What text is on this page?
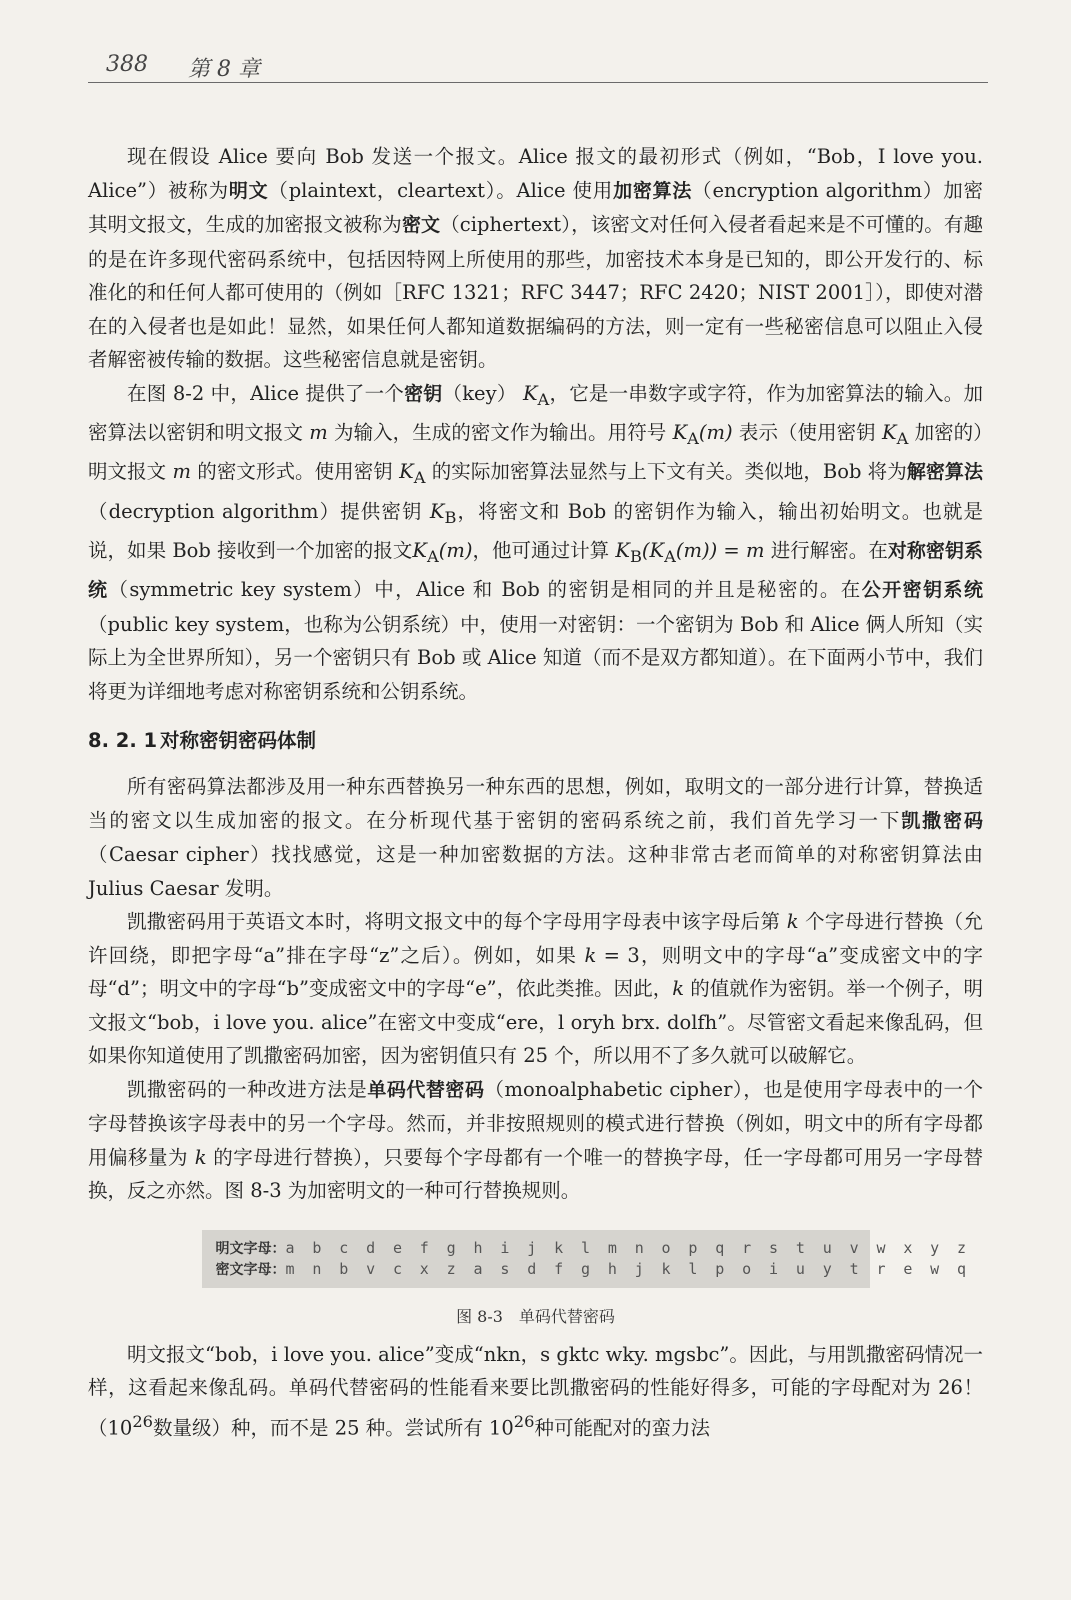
388 第 8 章

现在假设 Alice 要向 Bob 发送一个报文。Alice 报文的最初形式（例如，“Bob，I love you. Alice”）被称为明文（plaintext，cleartext）。Alice 使用加密算法（encryption algorithm）加密其明文报文，生成的加密报文被称为密文（ciphertext），该密文对任何入侵者看起来是不可懂的。有趣的是在许多现代密码系统中，包括因特网上所使用的那些，加密技术本身是已知的，即公开发行的、标准化的和任何人都可使用的（例如［RFC 1321；RFC 3447；RFC 2420；NIST 2001］），即使对潜在的入侵者也是如此！显然，如果任何人都知道数据编码的方法，则一定有一些秘密信息可以阻止入侵者解密被传输的数据。这些秘密信息就是密钥。

在图 8-2 中，Alice 提供了一个密钥（key） $K_A$，它是一串数字或字符，作为加密算法的输入。加密算法以密钥和明文报文 m 为输入，生成的密文作为输出。用符号 $K_A(m)$ 表示（使用密钥 $K_A$ 加密的）明文报文 m 的密文形式。使用密钥 $K_A$ 的实际加密算法显然与上下文有关。类似地，Bob 将为解密算法（decryption algorithm）提供密钥 $K_B$，将密文和 Bob 的密钥作为输入，输出初始明文。也就是说，如果 Bob 接收到一个加密的报文$K_A(m)$，他可通过计算 $K_B(K_A(m)) = m$ 进行解密。在对称密钥系统（symmetric key system）中，Alice 和 Bob 的密钥是相同的并且是秘密的。在公开密钥系统（public key system，也称为公钥系统）中，使用一对密钥：一个密钥为 Bob 和 Alice 俩人所知（实际上为全世界所知），另一个密钥只有 Bob 或 Alice 知道（而不是双方都知道）。在下面两小节中，我们将更为详细地考虑对称密钥系统和公钥系统。

8. 2. 1 对称密钥密码体制

所有密码算法都涉及用一种东西替换另一种东西的思想，例如，取明文的一部分进行计算，替换适当的密文以生成加密的报文。在分析现代基于密钥的密码系统之前，我们首先学习一下凯撒密码（Caesar cipher）找找感觉，这是一种加密数据的方法。这种非常古老而简单的对称密钥算法由 Julius Caesar 发明。

凯撒密码用于英语文本时，将明文报文中的每个字母用字母表中该字母后第 k 个字母进行替换（允许回绕，即把字母“a”排在字母“z”之后）。例如，如果 k = 3，则明文中的字母“a”变成密文中的字母“d”；明文中的字母“b”变成密文中的字母“e”，依此类推。因此，k 的值就作为密钥。举一个例子，明文报文“bob，i love you. alice”在密文中变成“ere，l oryh brx. dolfh”。尽管密文看起来像乱码，但如果你知道使用了凯撒密码加密，因为密钥值只有 25 个，所以用不了多久就可以破解它。

凯撒密码的一种改进方法是单码代替密码（monoalphabetic cipher），也是使用字母表中的一个字母替换该字母表中的另一个字母。然而，并非按照规则的模式进行替换（例如，明文中的所有字母都用偏移量为 k 的字母进行替换），只要每个字母都有一个唯一的替换字母，任一字母都可用另一字母替换，反之亦然。图 8-3 为加密明文的一种可行替换规则。

明文字母：a b c d e f g h i j k l m n o p q r s t u v w x y z
密文字母：m n b v c x z a s d f g h j k l p o i u y t r e w q
图 8-3　单码代替密码

明文报文“bob，i love you. alice”变成“nkn，s gktc wky. mgsbc”。因此，与用凯撒密码情况一样，这看起来像乱码。单码代替密码的性能看来要比凯撒密码的性能好得多，可能的字母配对为 26！（$10^{26}$数量级）种，而不是 25 种。尝试所有 $10^{26}$种可能配对的蛮力法
